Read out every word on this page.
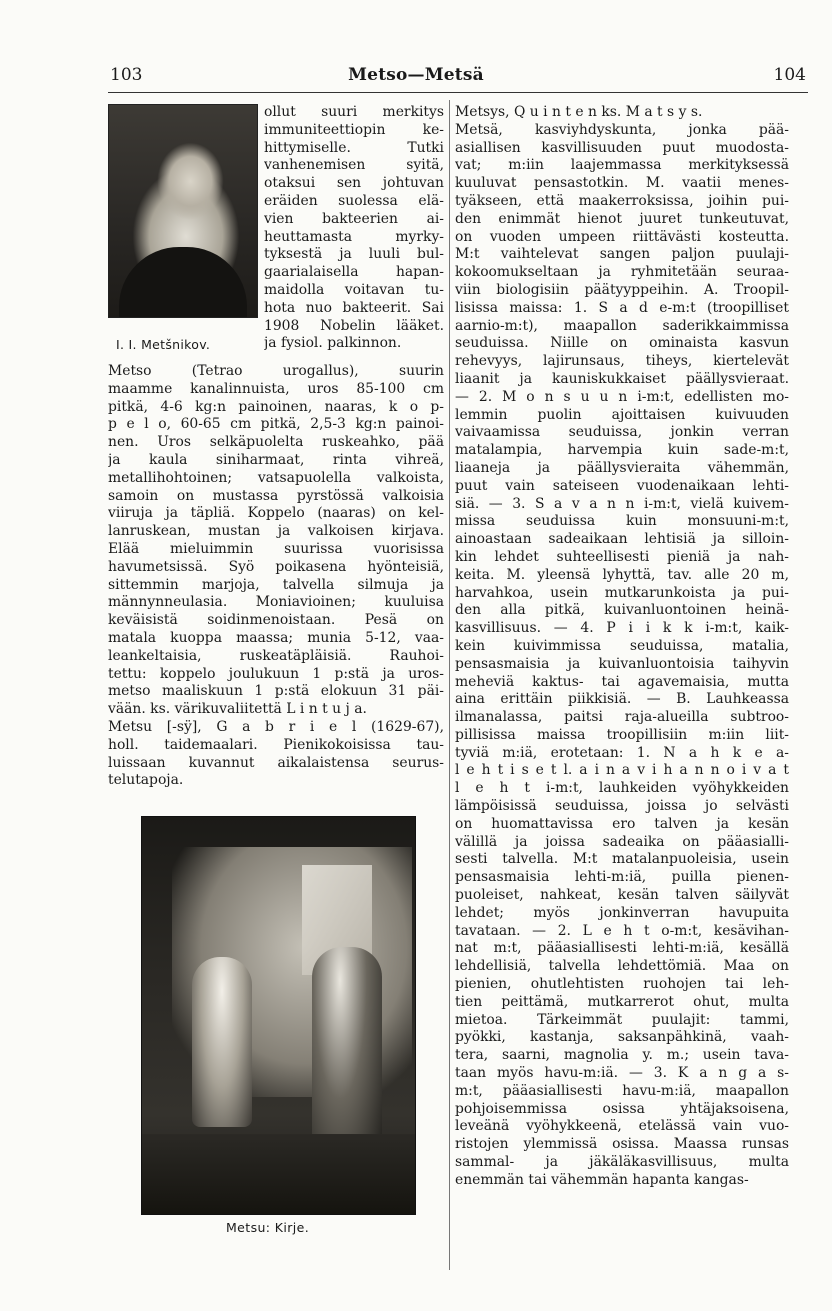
103	Metso—Metsä	104
I. I. Metšnikov.
ollut suuri merkitys
immuniteettiopin ke-
hittymiselle. Tutki
vanhenemisen syitä,
otaksui sen johtuvan
eräiden suolessa elä-
vien bakteerien ai-
heuttamasta myrky-
tyksestä ja luuli bul-
gaarialaisella hapan-
maidolla voitavan tu-
hota nuo bakteerit. Sai
1908 Nobelin lääket.
ja fysiol. palkinnon.
Metso (Tetrao urogallus), suurin
maamme kanalinnuista, uros 85-100 cm
pitkä, 4-6 kg:n painoinen, naaras, k o p-
p e l o, 60-65 cm pitkä, 2,5-3 kg:n painoi-
nen. Uros selkäpuolelta ruskeahko, pää
ja kaula siniharmaat, rinta vihreä,
metallihohtoinen; vatsapuolella valkoista,
samoin on mustassa pyrstössä valkoisia
viiruja ja täpliä. Koppelo (naaras) on kel-
lanruskean, mustan ja valkoisen kirjava.
Elää mieluimmin suurissa vuorisissa
havumetsissä. Syö poikasena hyönteisiä,
sittemmin marjoja, talvella silmuja ja
männynneulasia. Moniavioinen; kuuluisa
keväisistä soidinmenoistaan. Pesä on
matala kuoppa maassa; munia 5-12, vaa-
leankeltaisia, ruskeatäpläisiä. Rauhoi-
tettu: koppelo joulukuun 1 p:stä ja uros-
metso maaliskuun 1 p:stä elokuun 31 päi-
vään. ks. värikuvaliitettä L i n t u j a.
Metsu [-sÿ], G a b r i e l (1629-67),
holl. taidemaalari. Pienikokoisissa tau-
luissaan kuvannut aikalaistensa seurus-
telutapoja.
Metsys, Q u i n t e n ks. M a t s y s.
Metsä, kasviyhdyskunta, jonka pää-
asiallisen kasvillisuuden puut muodosta-
vat; m:iin laajemmassa merkityksessä
kuuluvat pensastotkin. M. vaatii menes-
tyäkseen, että maakerroksissa, joihin pui-
den enimmät hienot juuret tunkeutuvat,
on vuoden umpeen riittävästi kosteutta.
M:t vaihtelevat sangen paljon puulaji-
kokoomukseltaan ja ryhmitetään seuraa-
viin biologisiin päätyyppeihin. A. Troopil-
lisissa maissa: 1. S a d e-m:t (troopilliset
aarnio-m:t), maapallon saderikkaimmissa
seuduissa. Niille on ominaista kasvun
rehevyys, lajirunsaus, tiheys, kiertelevät
liaanit ja kauniskukkaiset päällysvieraat.
— 2. M o n s u u n i-m:t, edellisten mo-
lemmin puolin ajoittaisen kuivuuden
vaivaamissa seuduissa, jonkin verran
matalampia, harvempia kuin sade-m:t,
liaaneja ja päällysvieraita vähemmän,
puut vain sateiseen vuodenaikaan lehti-
siä. — 3. S a v a n n i-m:t, vielä kuivem-
missa seuduissa kuin monsuuni-m:t,
ainoastaan sadeaikaan lehtisiä ja silloin-
kin lehdet suhteellisesti pieniä ja nah-
keita. M. yleensä lyhyttä, tav. alle 20 m,
harvahkoa, usein mutkarunkoista ja pui-
den alla pitkä, kuivanluontoinen heinä-
kasvillisuus. — 4. P i i k k i-m:t, kaik-
kein kuivimmissa seuduissa, matalia,
pensasmaisia ja kuivanluontoisia taihyvin
meheviä kaktus- tai agavemaisia, mutta
aina erittäin piikkisiä. — B. Lauhkeassa
ilmanalassa, paitsi raja-alueilla subtroo-
pillisissa maissa troopillisiin m:iin liit-
tyviä m:iä, erotetaan: 1. N a h k e a-
l e h t i s e t l. a i n a v i h a n n o i v a t
l e h t i-m:t, lauhkeiden vyöhykkeiden
lämpöisissä seuduissa, joissa jo selvästi
on huomattavissa ero talven ja kesän
välillä ja joissa sadeaika on pääasialli-
sesti talvella. M:t matalanpuoleisia, usein
pensasmaisia lehti-m:iä, puilla pienen-
puoleiset, nahkeat, kesän talven säilyvät
lehdet; myös jonkinverran havupuita
tavataan. — 2. L e h t o-m:t, kesävihan-
nat m:t, pääasiallisesti lehti-m:iä, kesällä
lehdellisiä, talvella lehdettömiä. Maa on
pienien, ohutlehtisten ruohojen tai leh-
tien peittämä, mutkarrerot ohut, multa
mietoa. Tärkeimmät puulajit: tammi,
pyökki, kastanja, saksanpähkinä, vaah-
tera, saarni, magnolia y. m.; usein tava-
taan myös havu-m:iä. — 3. K a n g a s-
m:t, pääasiallisesti havu-m:iä, maapallon
pohjoisemmissa osissa yhtäjaksoisena,
leveänä vyöhykkeenä, etelässä vain vuo-
ristojen ylemmissä osissa. Maassa runsas
sammal- ja jäkäläkasvillisuus, multa
enemmän tai vähemmän hapanta kangas-
Metsu: Kirje.
